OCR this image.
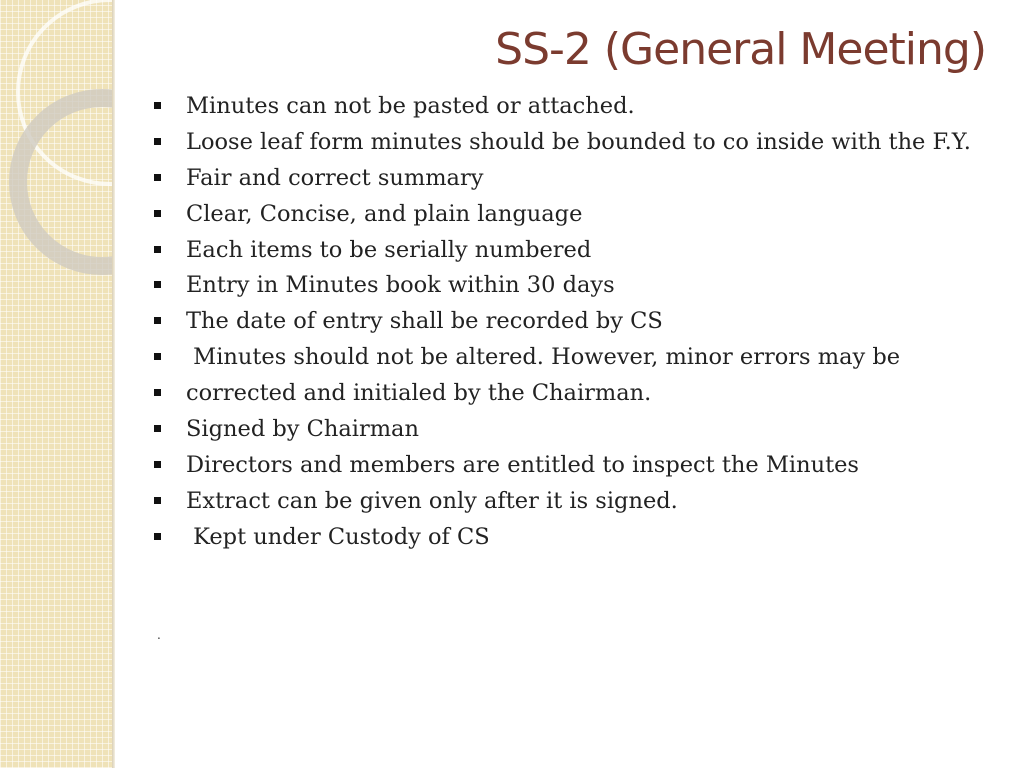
SS-2 (General Meeting)
Minutes can not be pasted or attached.
Loose leaf form minutes should be bounded to co inside with the F.Y.
Fair and correct summary
Clear, Concise, and plain language
Each items to be serially numbered
Entry in Minutes book within 30 days
The date of entry shall be recorded by CS
Minutes should not be altered. However, minor errors may be
corrected and initialed by the Chairman.
Signed by Chairman
Directors and members are entitled to inspect the Minutes
Extract can be given only after it is signed.
Kept under Custody of CS
.
